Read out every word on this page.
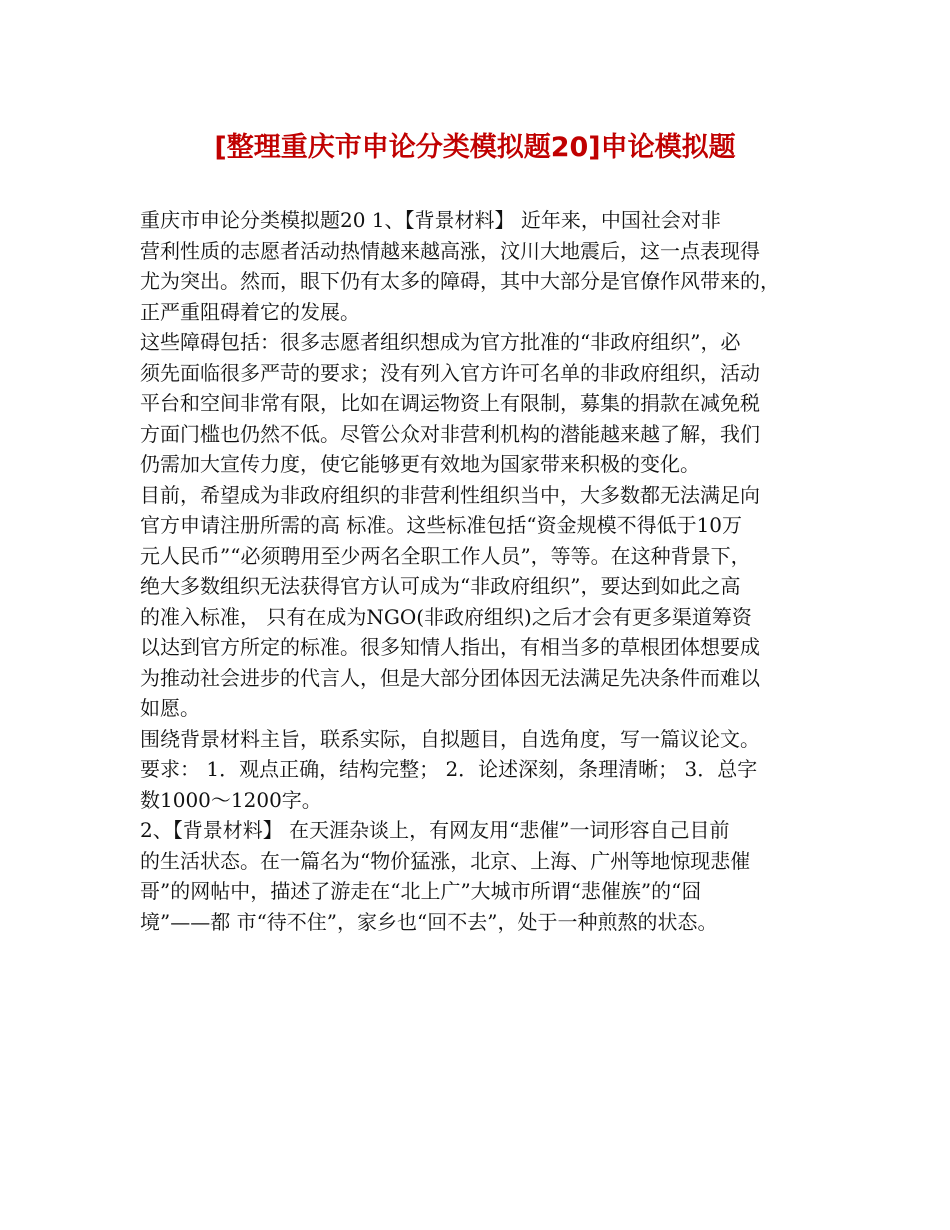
[整理重庆市申论分类模拟题20]申论模拟题
重庆市申论分类模拟题20 1、【背景材料】 近年来，中国社会对非
营利性质的志愿者活动热情越来越高涨，汶川大地震后，这一点表现得
尤为突出。然而，眼下仍有太多的障碍，其中大部分是官僚作风带来的，
正严重阻碍着它的发展。
这些障碍包括：很多志愿者组织想成为官方批准的“非政府组织”，必
须先面临很多严苛的要求；没有列入官方许可名单的非政府组织，活动
平台和空间非常有限，比如在调运物资上有限制，募集的捐款在减免税
方面门槛也仍然不低。尽管公众对非营利机构的潜能越来越了解，我们
仍需加大宣传力度，使它能够更有效地为国家带来积极的变化。
目前，希望成为非政府组织的非营利性组织当中，大多数都无法满足向
官方申请注册所需的高 标准。这些标准包括“资金规模不得低于10万
元人民币”“必须聘用至少两名全职工作人员”，等等。在这种背景下，
绝大多数组织无法获得官方认可成为“非政府组织”，要达到如此之高
的准入标准， 只有在成为NGO(非政府组织)之后才会有更多渠道筹资
以达到官方所定的标准。很多知情人指出，有相当多的草根团体想要成
为推动社会进步的代言人，但是大部分团体因无法满足先决条件而难以
如愿。
围绕背景材料主旨，联系实际，自拟题目，自选角度，写一篇议论文。
要求： 1．观点正确，结构完整； 2．论述深刻，条理清晰； 3．总字
数1000～1200字。
2、【背景材料】 在天涯杂谈上，有网友用“悲催”一词形容自己目前
的生活状态。在一篇名为“物价猛涨，北京、上海、广州等地惊现悲催
哥”的网帖中，描述了游走在“北上广”大城市所谓“悲催族”的“囧
境”——都 市“待不住”，家乡也“回不去”，处于一种煎熬的状态。
